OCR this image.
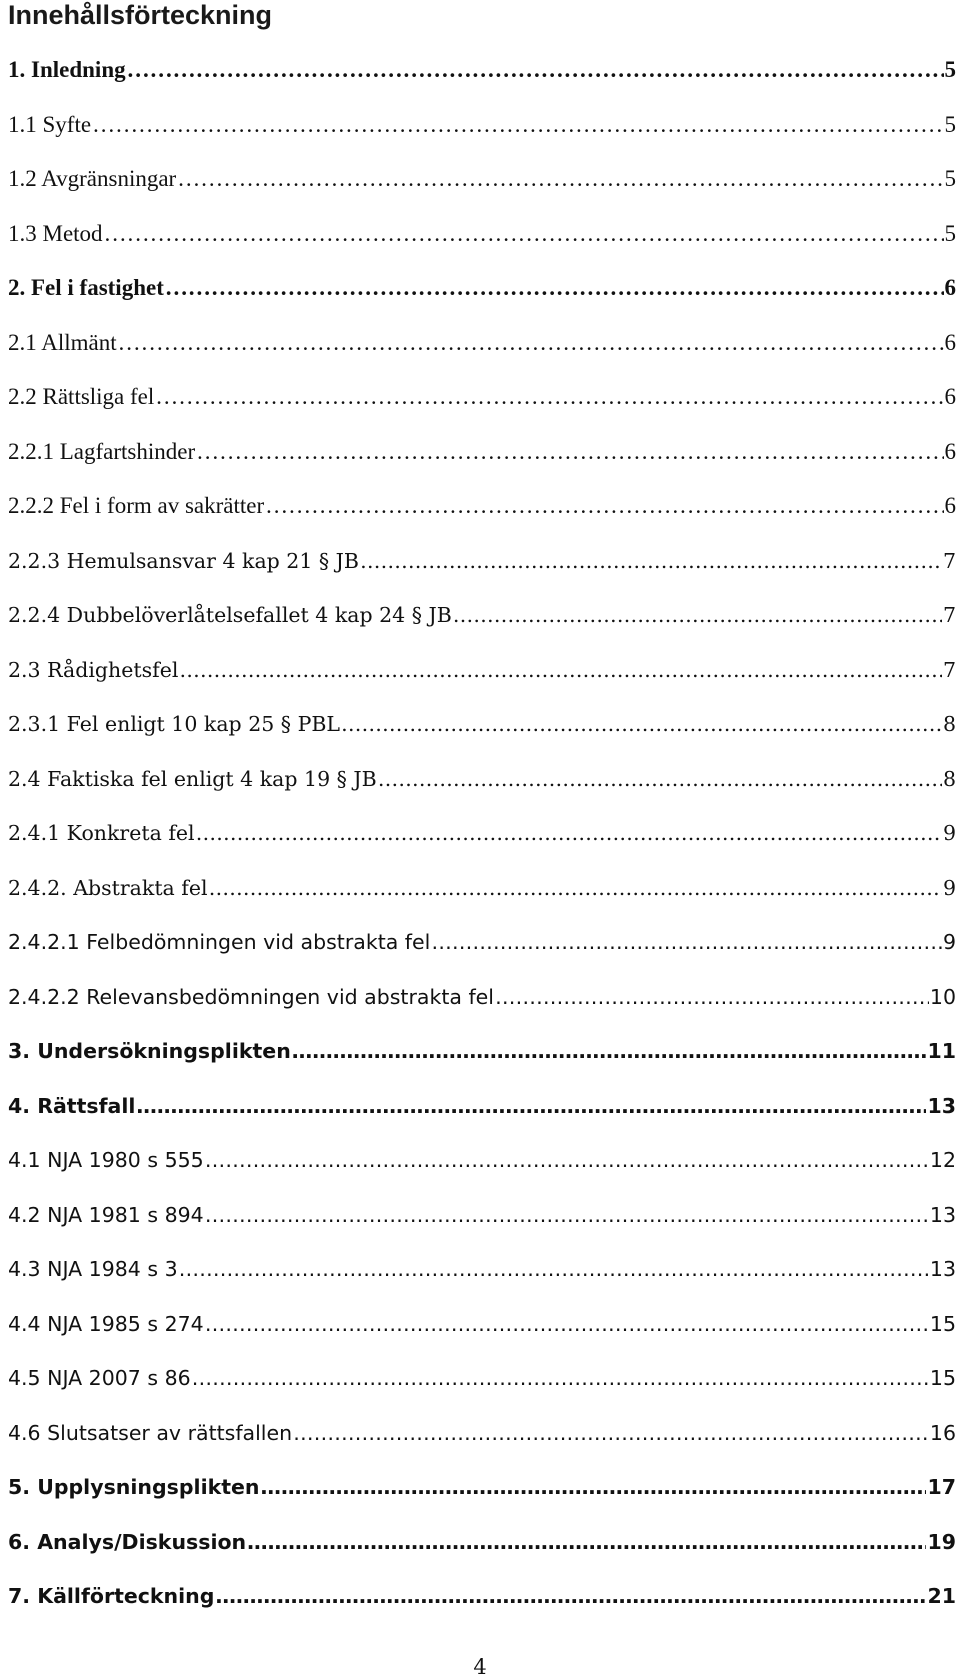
Innehållsförteckning
1. Inledning ………………………………………………………………………………………………………………………………………………………………………………………………………	5
1.1 Syfte ………………………………………………………………………………………………………………………………………………………………………………………………………	5
1.2 Avgränsningar ………………………………………………………………………………………………………………………………………………………………………………………………………	5
1.3 Metod ………………………………………………………………………………………………………………………………………………………………………………………………………	5
2. Fel i fastighet ………………………………………………………………………………………………………………………………………………………………………………………………………	6
2.1 Allmänt ………………………………………………………………………………………………………………………………………………………………………………………………………	6
2.2 Rättsliga fel ………………………………………………………………………………………………………………………………………………………………………………………………………	6
2.2.1 Lagfartshinder ………………………………………………………………………………………………………………………………………………………………………………………………………	6
2.2.2 Fel i form av sakrätter ………………………………………………………………………………………………………………………………………………………………………………………………………	6
2.2.3 Hemulsansvar 4 kap 21 § JB ………………………………………………………………………………………………………………………………………………………………………………………………………	7
2.2.4 Dubbelöverlåtelsefallet 4 kap 24 § JB ………………………………………………………………………………………………………………………………………………………………………………………………………	7
2.3 Rådighetsfel ………………………………………………………………………………………………………………………………………………………………………………………………………	7
2.3.1 Fel enligt 10 kap 25 § PBL ………………………………………………………………………………………………………………………………………………………………………………………………………	8
2.4 Faktiska fel enligt 4 kap 19 § JB ………………………………………………………………………………………………………………………………………………………………………………………………………	8
2.4.1 Konkreta fel ………………………………………………………………………………………………………………………………………………………………………………………………………	9
2.4.2. Abstrakta fel ………………………………………………………………………………………………………………………………………………………………………………………………………	9
2.4.2.1 Felbedömningen vid abstrakta fel ………………………………………………………………………………………………………………………………………………………………………………………………………	9
2.4.2.2 Relevansbedömningen vid abstrakta fel ………………………………………………………………………………………………………………………………………………………………………………………………………	10
3. Undersökningsplikten ………………………………………………………………………………………………………………………………………………………………………………………………………	11
4. Rättsfall ………………………………………………………………………………………………………………………………………………………………………………………………………	13
4.1 NJA 1980 s 555 ………………………………………………………………………………………………………………………………………………………………………………………………………	12
4.2 NJA 1981 s 894 ………………………………………………………………………………………………………………………………………………………………………………………………………	13
4.3 NJA 1984 s 3 ………………………………………………………………………………………………………………………………………………………………………………………………………	13
4.4 NJA 1985 s 274 ………………………………………………………………………………………………………………………………………………………………………………………………………	15
4.5 NJA 2007 s 86 ………………………………………………………………………………………………………………………………………………………………………………………………………	15
4.6 Slutsatser av rättsfallen ………………………………………………………………………………………………………………………………………………………………………………………………………	16
5. Upplysningsplikten ………………………………………………………………………………………………………………………………………………………………………………………………………	17
6. Analys/Diskussion ………………………………………………………………………………………………………………………………………………………………………………………………………	19
7. Källförteckning ………………………………………………………………………………………………………………………………………………………………………………………………………	21
4
